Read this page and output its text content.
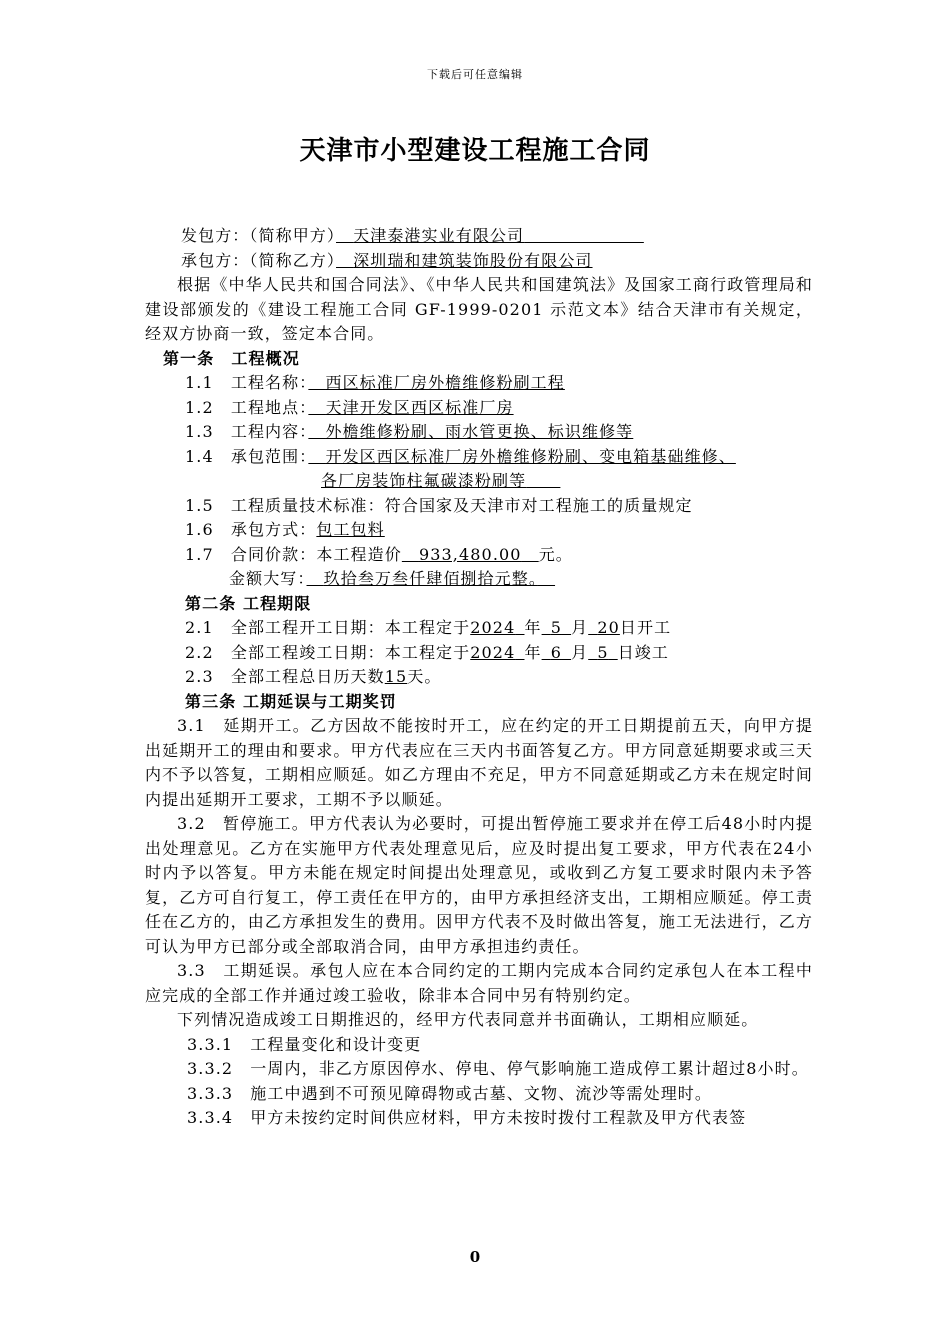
下载后可任意编辑
天津市小型建设工程施工合同
发包方：（简称甲方）　 天津泰港实业有限公司　　　　　　　
承包方：（简称乙方）　 深圳瑞和建筑装饰股份有限公司
根据《中华人民共和国合同法》、《中华人民共和国建筑法》及国家工商行政管理局和建设部颁发的《建设工程施工合同 GF-1999-0201 示范文本》结合天津市有关规定，经双方协商一致，签定本合同。
第一条　工程概况
1.1　工程名称：　 西区标准厂房外檐维修粉刷工程
1.2　工程地点：　 天津开发区西区标准厂房
1.3　工程内容：　 外檐维修粉刷、雨水管更换、标识维修等
1.4　承包范围：　 开发区西区标准厂房外檐维修粉刷、变电箱基础维修、
各厂房装饰柱氟碳漆粉刷等　　
1.5　工程质量技术标准：符合国家及天津市对工程施工的质量规定
1.6　承包方式：包工包料
1.7　合同价款：本工程造价　 933,480.00　 元。
金额大写：　 玖拾叁万叁仟肆佰捌拾元整。　
第二条 工程期限
2.1　全部工程开工日期：本工程定于2024  年  5  月  20日开工
2.2　全部工程竣工日期：本工程定于2024  年  6  月  5  日竣工
2.3　全部工程总日历天数15天。
第三条 工期延误与工期奖罚
3.1　延期开工。乙方因故不能按时开工，应在约定的开工日期提前五天，向甲方提出延期开工的理由和要求。甲方代表应在三天内书面答复乙方。甲方同意延期要求或三天内不予以答复，工期相应顺延。如乙方理由不充足，甲方不同意延期或乙方未在规定时间内提出延期开工要求，工期不予以顺延。
3.2　暂停施工。甲方代表认为必要时，可提出暂停施工要求并在停工后48小时内提出处理意见。乙方在实施甲方代表处理意见后，应及时提出复工要求，甲方代表在24小时内予以答复。甲方未能在规定时间提出处理意见，或收到乙方复工要求时限内未予答复，乙方可自行复工，停工责任在甲方的，由甲方承担经济支出，工期相应顺延。停工责任在乙方的，由乙方承担发生的费用。因甲方代表不及时做出答复，施工无法进行，乙方可认为甲方已部分或全部取消合同，由甲方承担违约责任。
3.3　工期延误。承包人应在本合同约定的工期内完成本合同约定承包人在本工程中应完成的全部工作并通过竣工验收，除非本合同中另有特别约定。
下列情况造成竣工日期推迟的，经甲方代表同意并书面确认，工期相应顺延。
3.3.1　工程量变化和设计变更
3.3.2　一周内，非乙方原因停水、停电、停气影响施工造成停工累计超过8小时。
3.3.3　施工中遇到不可预见障碍物或古墓、文物、流沙等需处理时。
3.3.4　甲方未按约定时间供应材料，甲方未按时拨付工程款及甲方代表签
0
